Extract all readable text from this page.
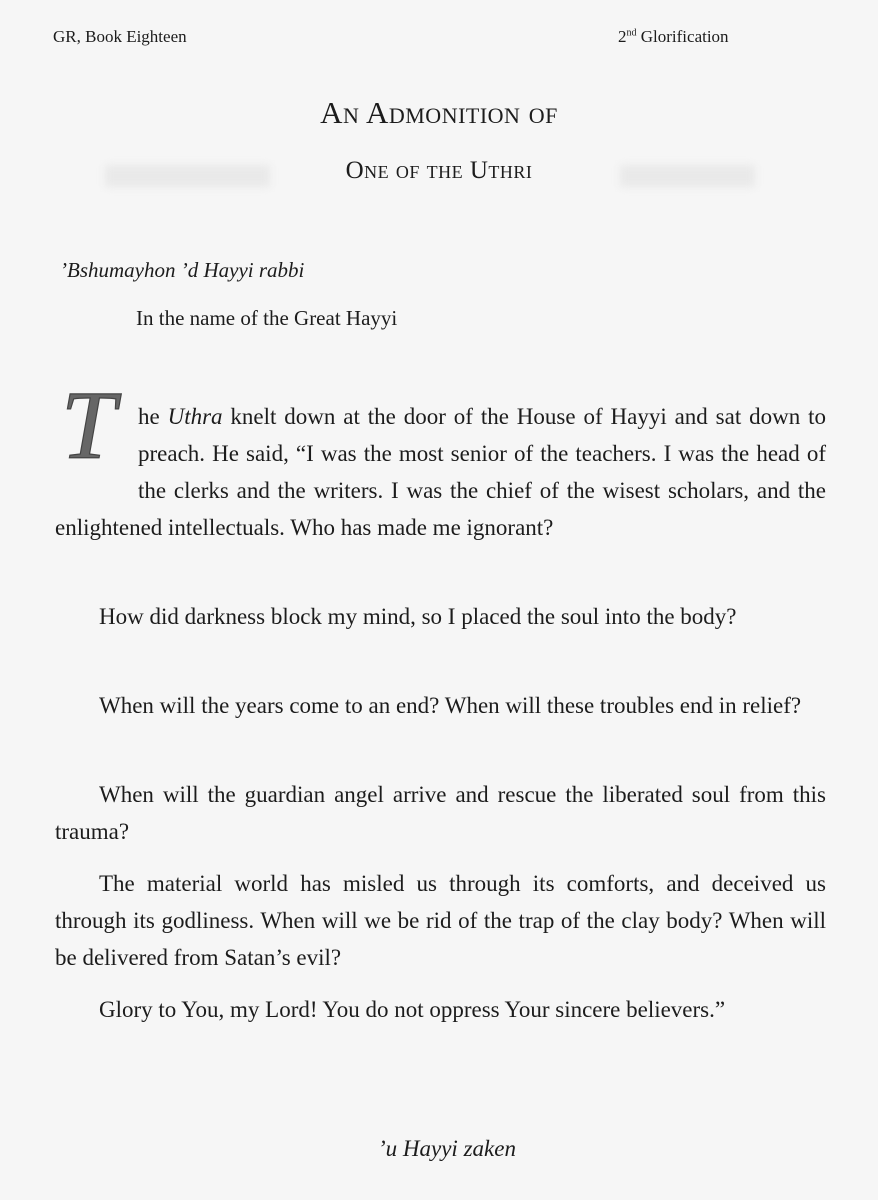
GR, Book Eighteen	2nd Glorification
An Admonition of
One of the Uthri
’Bshumayhon ’d Hayyi rabbi
In the name of the Great Hayyi
T he Uthra knelt down at the door of the House of Hayyi and sat down to preach. He said, “I was the most senior of the teachers. I was the head of the clerks and the writers. I was the chief of the wisest scholars, and the enlightened intellectuals. Who has made me ignorant?

How did darkness block my mind, so I placed the soul into the body?

When will the years come to an end? When will these troubles end in relief?

When will the guardian angel arrive and rescue the liberated soul from this trauma?

The material world has misled us through its comforts, and deceived us through its godliness. When will we be rid of the trap of the clay body? When will be delivered from Satan’s evil?

Glory to You, my Lord! You do not oppress Your sincere believers.”

’u Hayyi zaken
